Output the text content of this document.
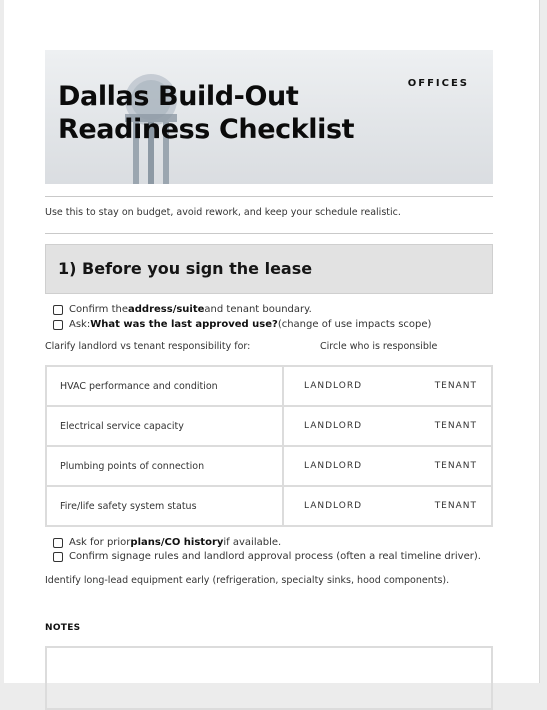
Dallas Build-Out
Readiness Checklist
OFFICES
Use this to stay on budget, avoid rework, and keep your schedule realistic.
1) Before you sign the lease
Confirm the address/suite and tenant boundary.
Ask: What was the last approved use? (change of use impacts scope)
Clarify landlord vs tenant responsibility for:	Circle who is responsible
HVAC performance and condition	LANDLORD TENANT

Electrical service capacity	LANDLORD TENANT

Plumbing points of connection	LANDLORD TENANT

Fire/life safety system status	LANDLORD TENANT
Ask for prior plans/CO history if available.
Confirm signage rules and landlord approval process (often a real timeline driver).
Identify long-lead equipment early (refrigeration, specialty sinks, hood components).
NOTES
